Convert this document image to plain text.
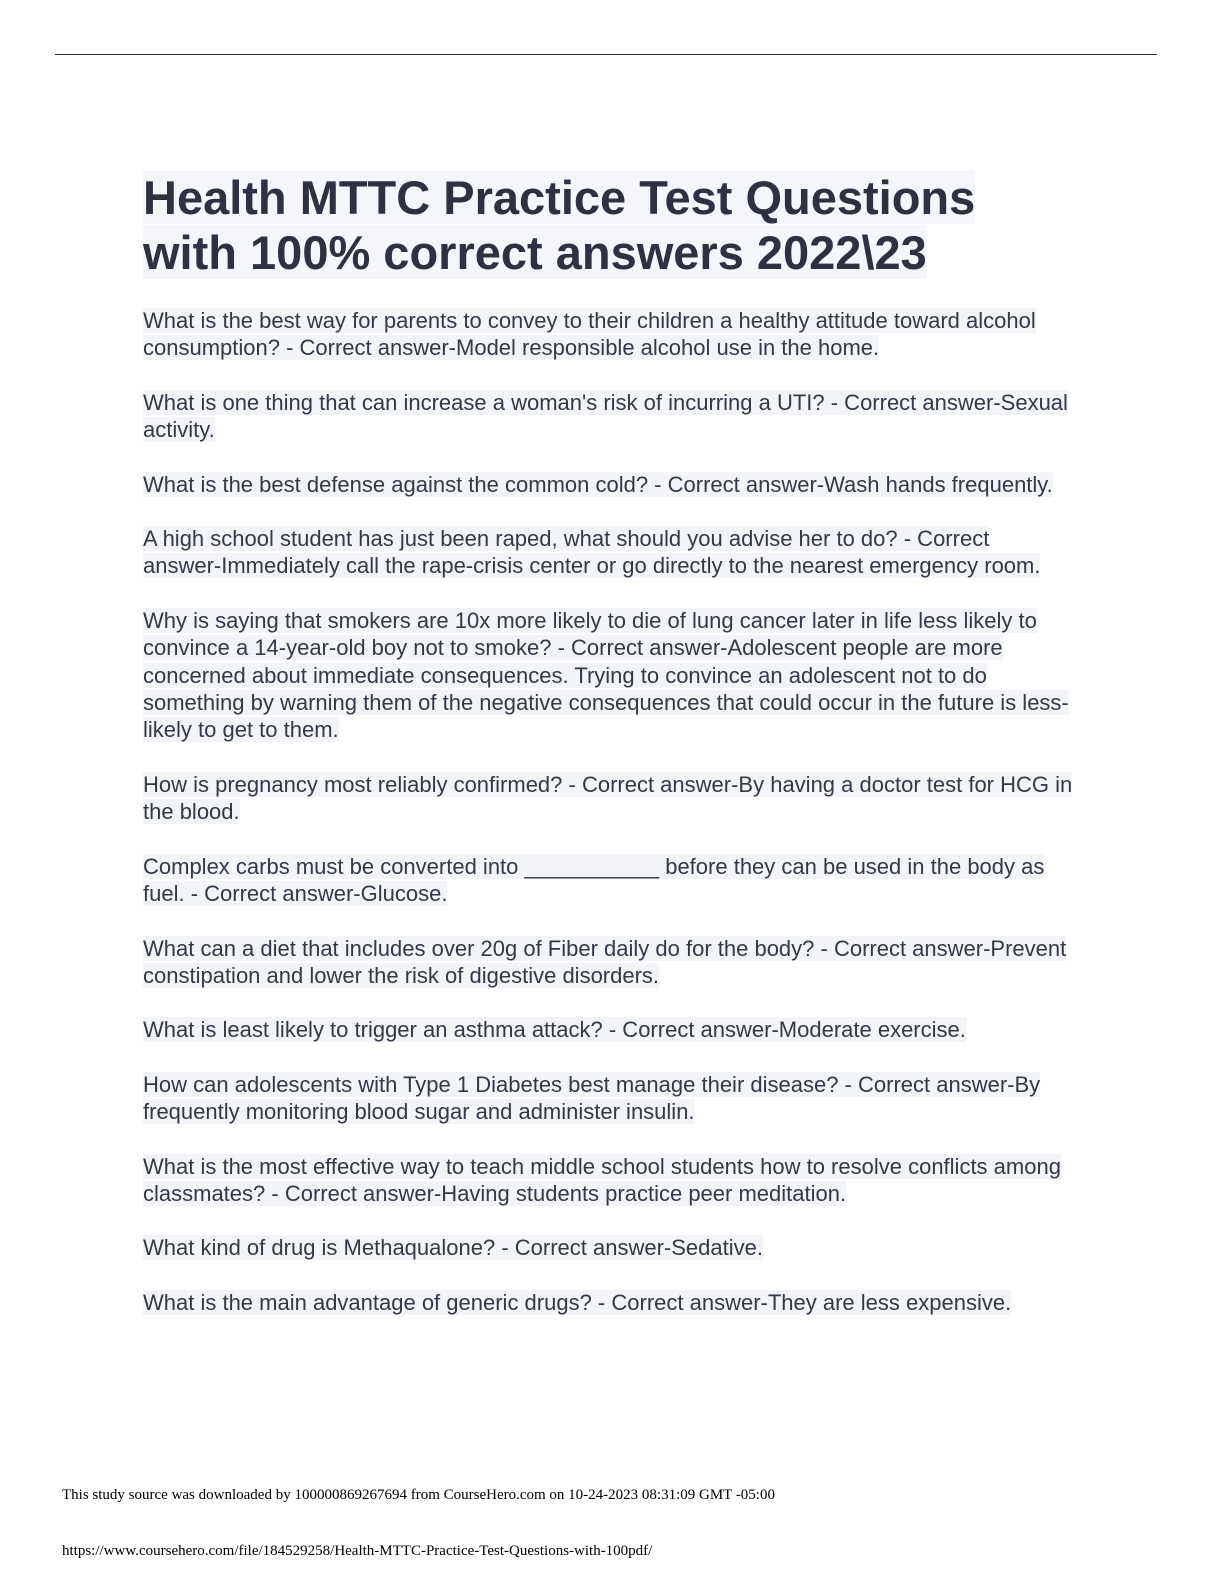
Health MTTC Practice Test Questions with 100% correct answers 2022\23

What is the best way for parents to convey to their children a healthy attitude toward alcohol consumption? - Correct answer-Model responsible alcohol use in the home.

What is one thing that can increase a woman's risk of incurring a UTI? - Correct answer-Sexual activity.

What is the best defense against the common cold? - Correct answer-Wash hands frequently.

A high school student has just been raped, what should you advise her to do? - Correct answer-Immediately call the rape-crisis center or go directly to the nearest emergency room.

Why is saying that smokers are 10x more likely to die of lung cancer later in life less likely to convince a 14-year-old boy not to smoke? - Correct answer-Adolescent people are more concerned about immediate consequences. Trying to convince an adolescent not to do something by warning them of the negative consequences that could occur in the future is less-likely to get to them.

How is pregnancy most reliably confirmed? - Correct answer-By having a doctor test for HCG in the blood.

Complex carbs must be converted into ___________ before they can be used in the body as fuel. - Correct answer-Glucose.

What can a diet that includes over 20g of Fiber daily do for the body? - Correct answer-Prevent constipation and lower the risk of digestive disorders.

What is least likely to trigger an asthma attack? - Correct answer-Moderate exercise.

How can adolescents with Type 1 Diabetes best manage their disease? - Correct answer-By frequently monitoring blood sugar and administer insulin.

What is the most effective way to teach middle school students how to resolve conflicts among classmates? - Correct answer-Having students practice peer meditation.

What kind of drug is Methaqualone? - Correct answer-Sedative.

What is the main advantage of generic drugs? - Correct answer-They are less expensive.

This study source was downloaded by 100000869267694 from CourseHero.com on 10-24-2023 08:31:09 GMT -05:00
https://www.coursehero.com/file/184529258/Health-MTTC-Practice-Test-Questions-with-100pdf/
